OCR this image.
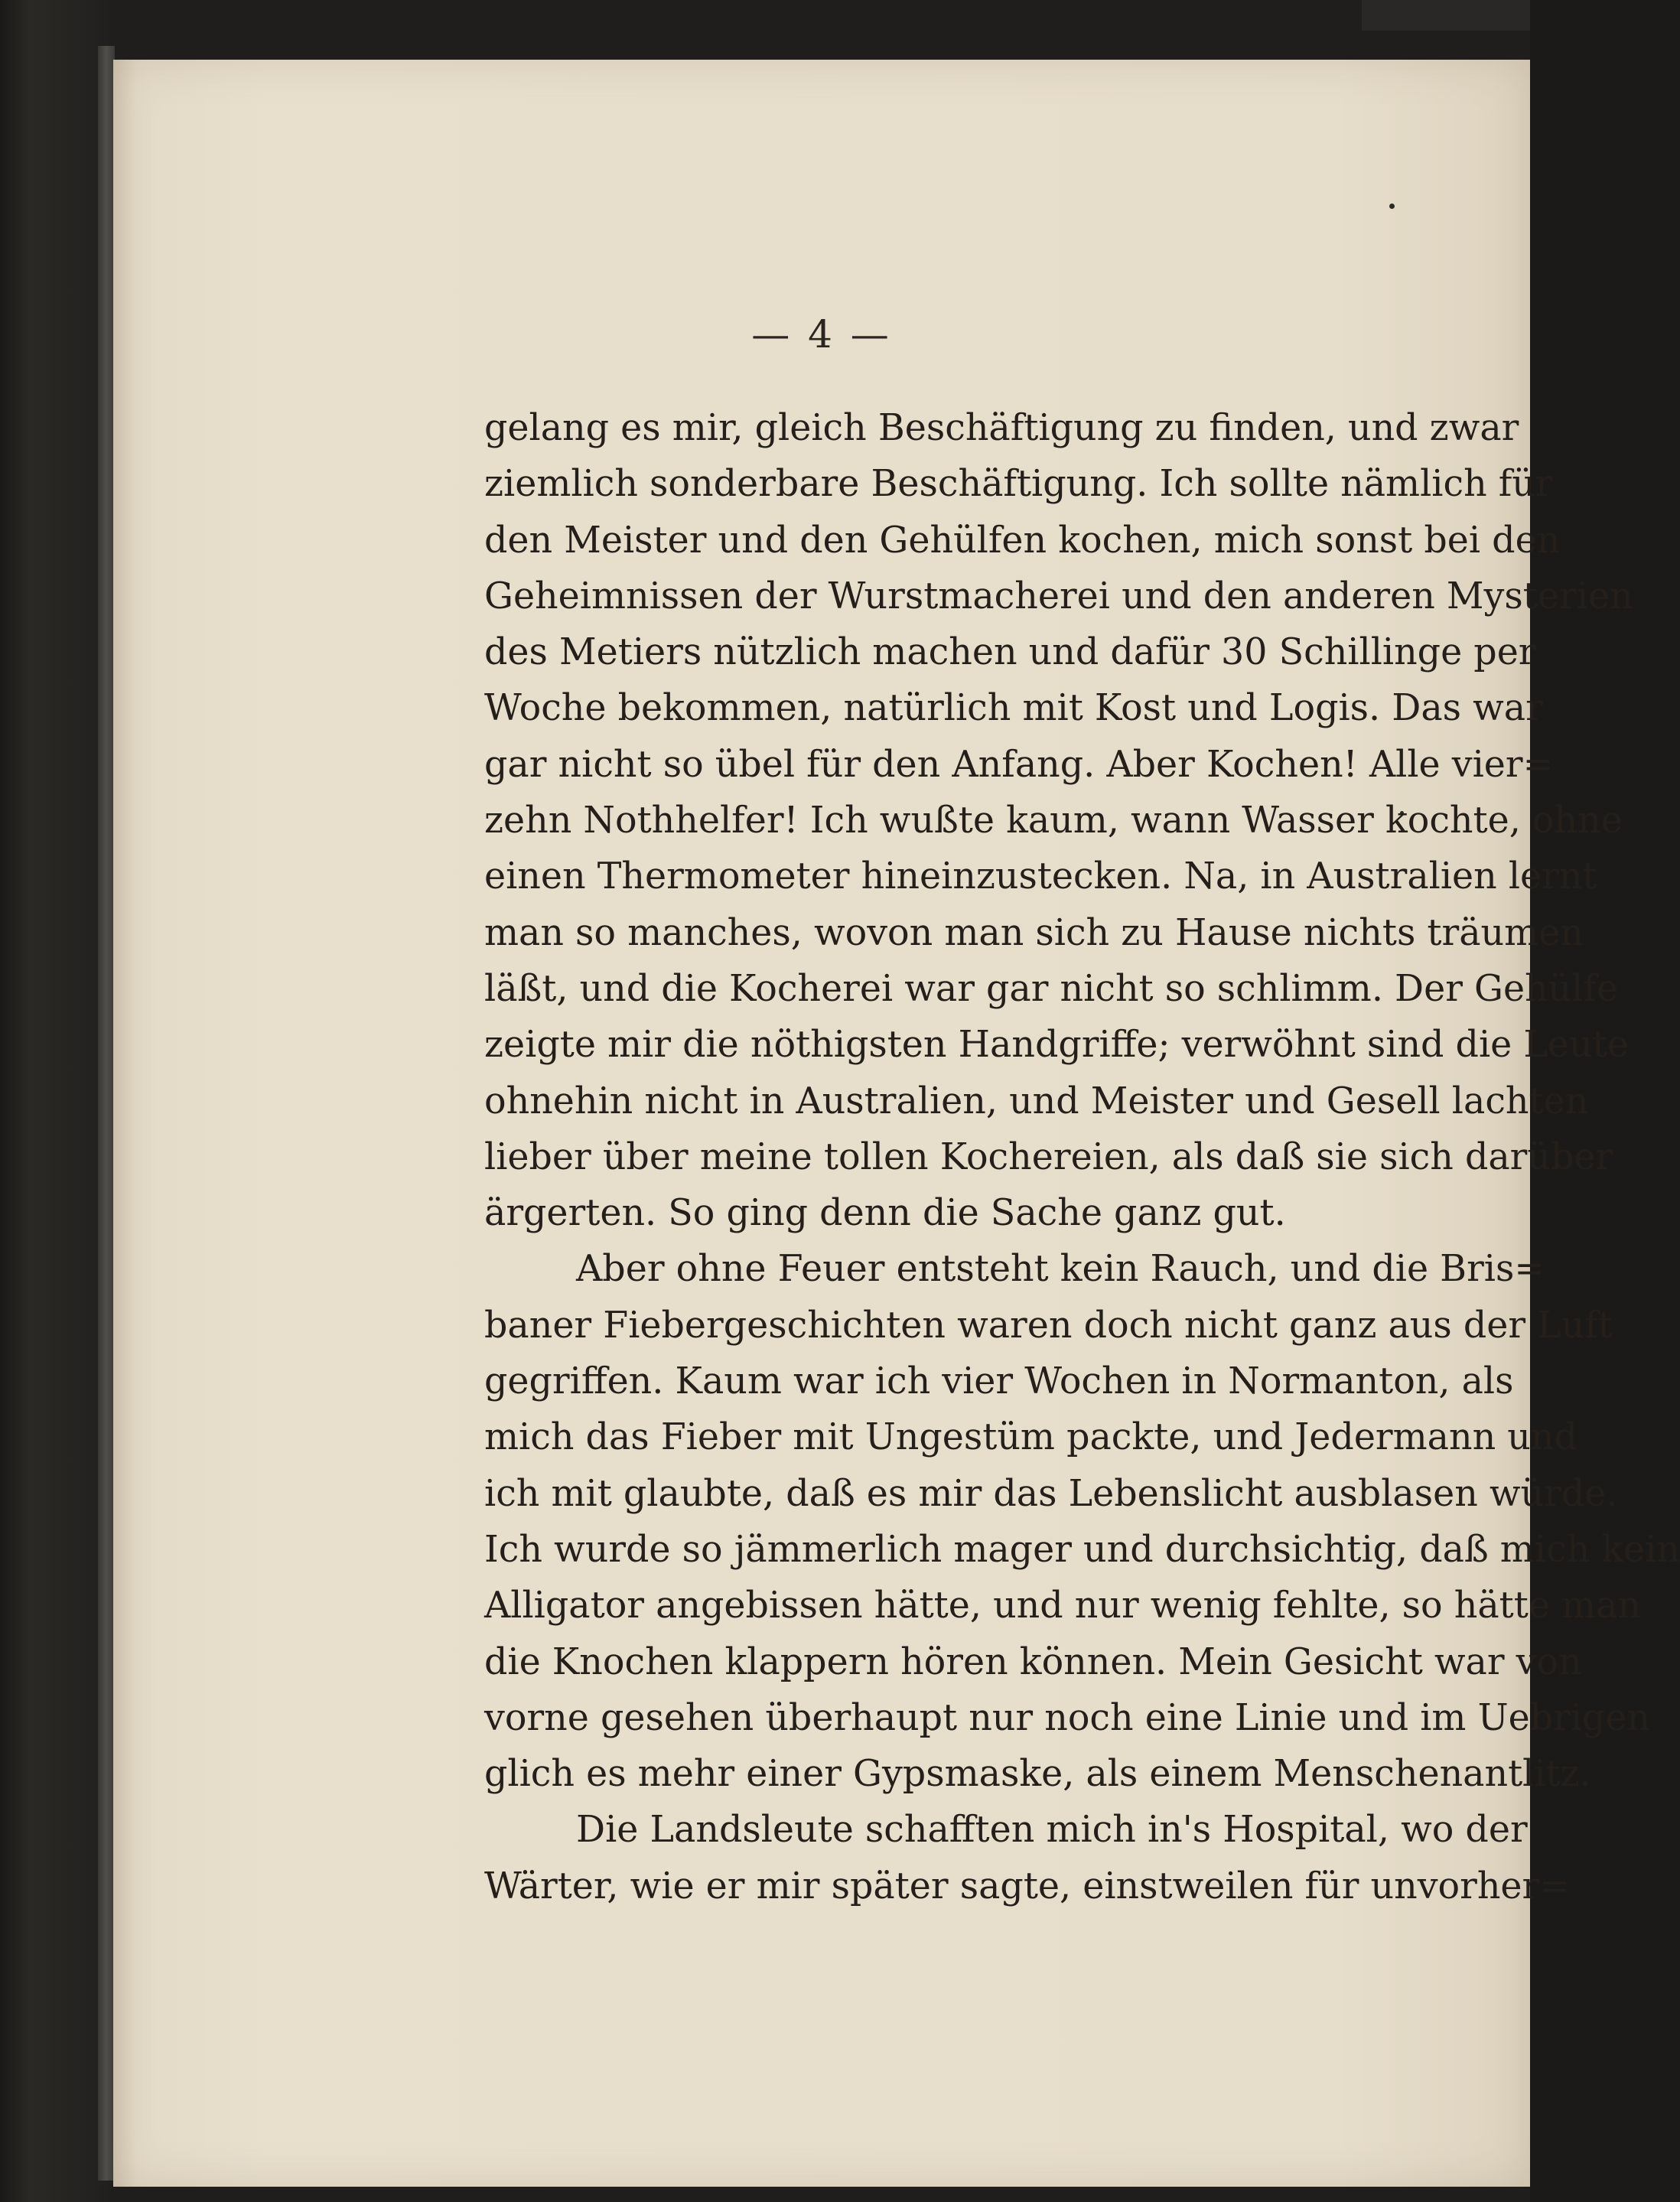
— 4 —
gelang es mir, gleich Beschäftigung zu finden, und zwar
ziemlich sonderbare Beschäftigung. Ich sollte nämlich für
den Meister und den Gehülfen kochen, mich sonst bei den
Geheimnissen der Wurstmacherei und den anderen Mysterien
des Metiers nützlich machen und dafür 30 Schillinge per
Woche bekommen, natürlich mit Kost und Logis. Das war
gar nicht so übel für den Anfang. Aber Kochen! Alle vier=
zehn Nothhelfer! Ich wußte kaum, wann Wasser kochte, ohne
einen Thermometer hineinzustecken. Na, in Australien lernt
man so manches, wovon man sich zu Hause nichts träumen
läßt, und die Kocherei war gar nicht so schlimm. Der Gehülfe
zeigte mir die nöthigsten Handgriffe; verwöhnt sind die Leute
ohnehin nicht in Australien, und Meister und Gesell lachten
lieber über meine tollen Kochereien, als daß sie sich darüber
ärgerten. So ging denn die Sache ganz gut.
Aber ohne Feuer entsteht kein Rauch, und die Bris=
baner Fiebergeschichten waren doch nicht ganz aus der Luft
gegriffen. Kaum war ich vier Wochen in Normanton, als
mich das Fieber mit Ungestüm packte, und Jedermann und
ich mit glaubte, daß es mir das Lebenslicht ausblasen würde.
Ich wurde so jämmerlich mager und durchsichtig, daß mich kein
Alligator angebissen hätte, und nur wenig fehlte, so hätte man
die Knochen klappern hören können. Mein Gesicht war von
vorne gesehen überhaupt nur noch eine Linie und im Uebrigen
glich es mehr einer Gypsmaske, als einem Menschenantlitz.
Die Landsleute schafften mich in's Hospital, wo der
Wärter, wie er mir später sagte, einstweilen für unvorher=
